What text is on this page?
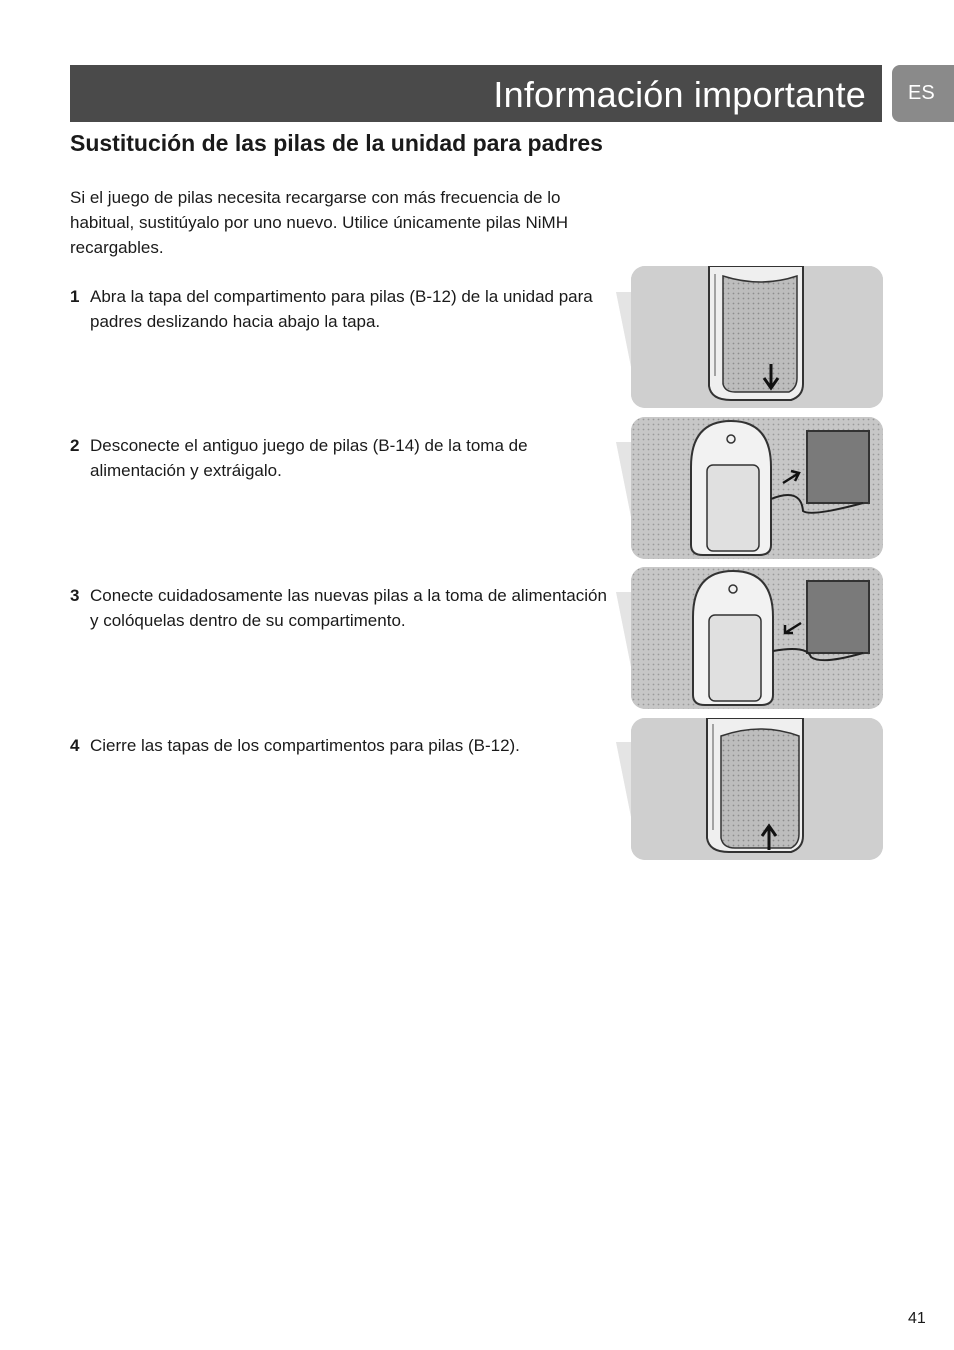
Información importante ES
Sustitución de las pilas de la unidad para padres

Si el juego de pilas necesita recargarse con más frecuencia de lo habitual, sustitúyalo por uno nuevo. Utilice únicamente pilas NiMH recargables.

1 Abra la tapa del compartimento para pilas (B-12) de la unidad para padres deslizando hacia abajo la tapa.
2 Desconecte el antiguo juego de pilas (B-14) de la toma de alimentación y extráigalo.
3 Conecte cuidadosamente las nuevas pilas a la toma de alimentación y colóquelas dentro de su compartimento.
4 Cierre las tapas de los compartimentos para pilas (B-12).
41
